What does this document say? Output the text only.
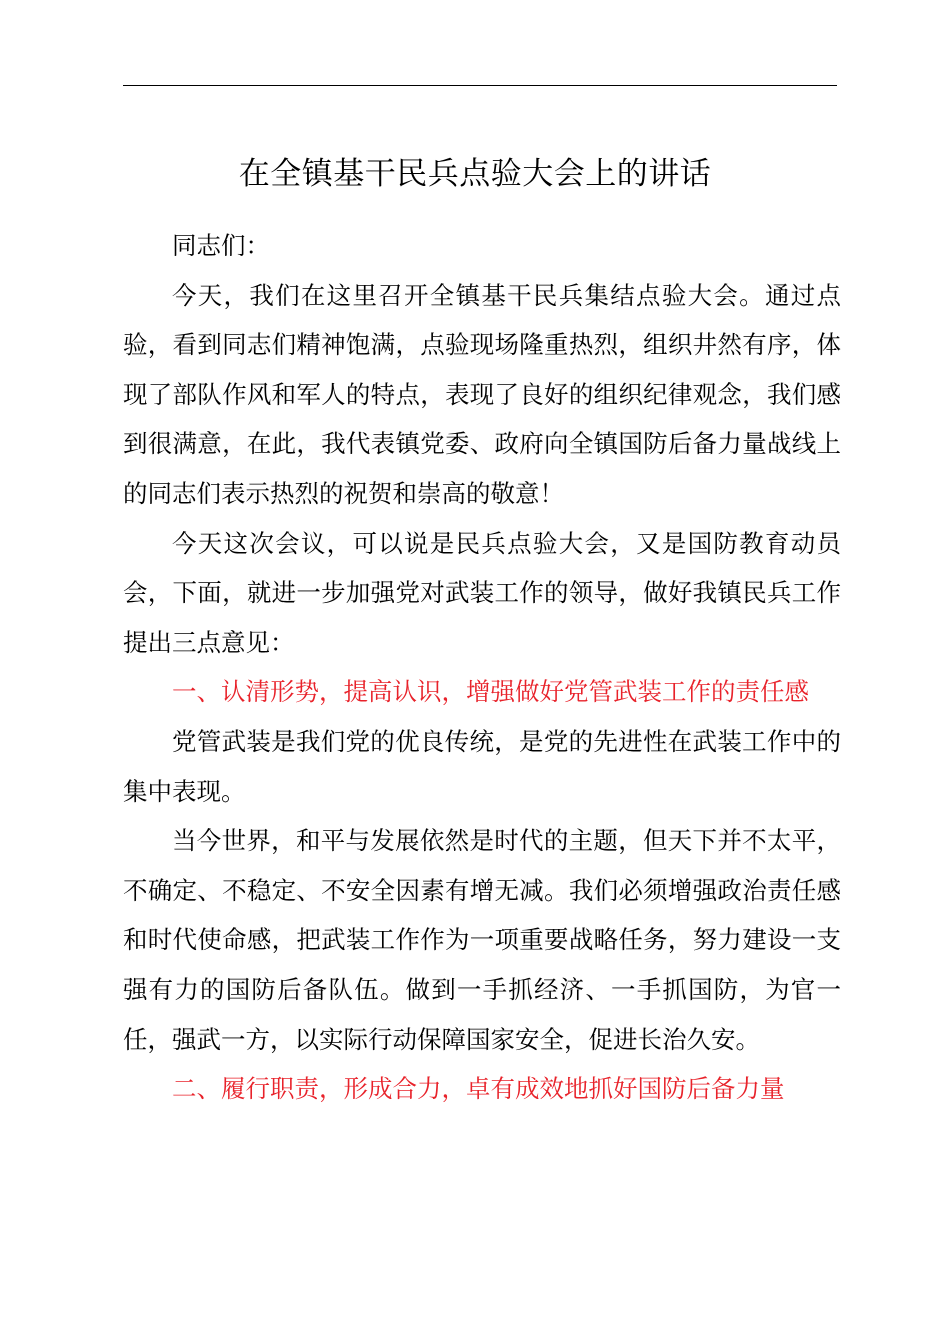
在全镇基干民兵点验大会上的讲话

同志们：

今天，我们在这里召开全镇基干民兵集结点验大会。通过点验，看到同志们精神饱满，点验现场隆重热烈，组织井然有序，体现了部队作风和军人的特点，表现了良好的组织纪律观念，我们感到很满意，在此，我代表镇党委、政府向全镇国防后备力量战线上的同志们表示热烈的祝贺和崇高的敬意！

今天这次会议，可以说是民兵点验大会，又是国防教育动员会，下面，就进一步加强党对武装工作的领导，做好我镇民兵工作提出三点意见：

一、认清形势，提高认识，增强做好党管武装工作的责任感

党管武装是我们党的优良传统，是党的先进性在武装工作中的集中表现。

当今世界，和平与发展依然是时代的主题，但天下并不太平，不确定、不稳定、不安全因素有增无减。我们必须增强政治责任感和时代使命感，把武装工作作为一项重要战略任务，努力建设一支强有力的国防后备队伍。做到一手抓经济、一手抓国防，为官一任，强武一方，以实际行动保障国家安全，促进长治久安。

二、履行职责，形成合力，卓有成效地抓好国防后备力量
